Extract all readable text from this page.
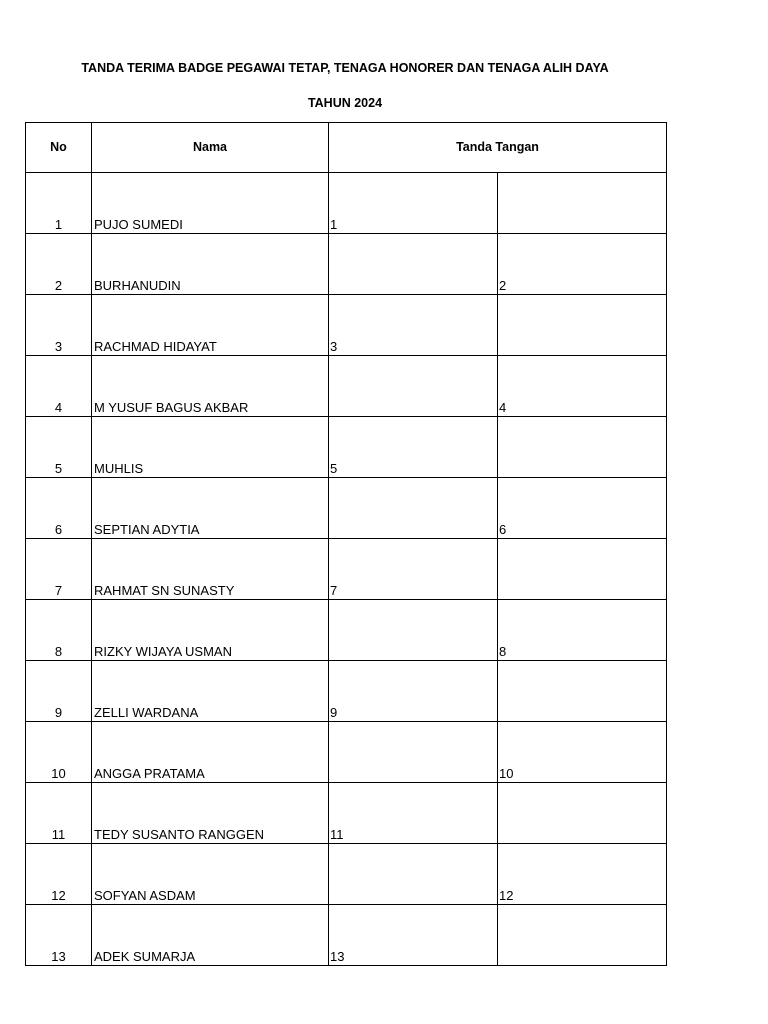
TANDA TERIMA BADGE PEGAWAI TETAP, TENAGA HONORER DAN TENAGA ALIH DAYA
TAHUN 2024
No	Nama	Tanda Tangan	
1	PUJO SUMEDI	1	
2	BURHANUDIN		2
3	RACHMAD HIDAYAT	3	
4	M YUSUF BAGUS AKBAR		4
5	MUHLIS	5	
6	SEPTIAN ADYTIA		6
7	RAHMAT SN SUNASTY	7	
8	RIZKY WIJAYA USMAN		8
9	ZELLI WARDANA	9	
10	ANGGA PRATAMA		10
11	TEDY SUSANTO RANGGEN	11	
12	SOFYAN ASDAM		12
13	ADEK SUMARJA	13	
